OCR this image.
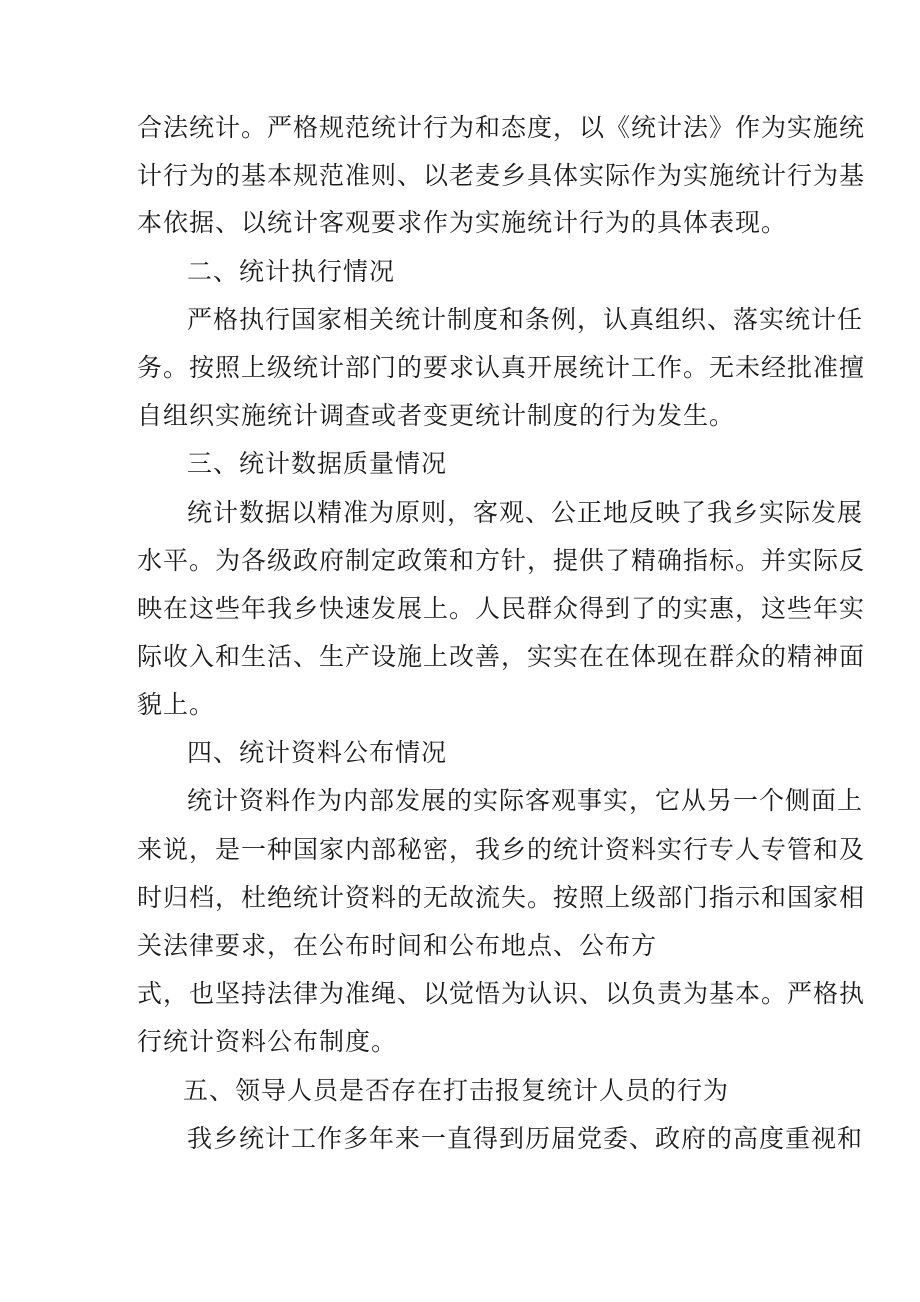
合法统计。严格规范统计行为和态度，以《统计法》作为实施统
计行为的基本规范准则、以老麦乡具体实际作为实施统计行为基
本依据、以统计客观要求作为实施统计行为的具体表现。
二、统计执行情况
严格执行国家相关统计制度和条例，认真组织、落实统计任
务。按照上级统计部门的要求认真开展统计工作。无未经批准擅
自组织实施统计调查或者变更统计制度的行为发生。
三、统计数据质量情况
统计数据以精准为原则，客观、公正地反映了我乡实际发展
水平。为各级政府制定政策和方针，提供了精确指标。并实际反
映在这些年我乡快速发展上。人民群众得到了的实惠，这些年实
际收入和生活、生产设施上改善，实实在在体现在群众的精神面
貌上。
四、统计资料公布情况
统计资料作为内部发展的实际客观事实，它从另一个侧面上
来说，是一种国家内部秘密，我乡的统计资料实行专人专管和及
时归档，杜绝统计资料的无故流失。按照上级部门指示和国家相
关法律要求，在公布时间和公布地点、公布方
式，也坚持法律为准绳、以觉悟为认识、以负责为基本。严格执
行统计资料公布制度。
五、领导人员是否存在打击报复统计人员的行为
我乡统计工作多年来一直得到历届党委、政府的高度重视和
